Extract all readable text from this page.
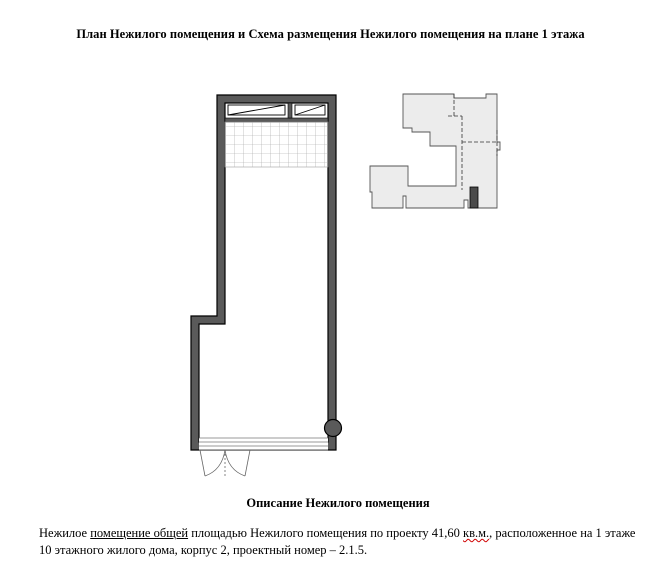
План Нежилого помещения и Схема размещения Нежилого помещения на плане 1 этажа
Описание Нежилого помещения
Нежилое помещение общей площадью Нежилого помещения по проекту 41,60 кв.м., расположенное на 1 этаже 10 этажного жилого дома, корпус 2, проектный номер – 2.1.5.
